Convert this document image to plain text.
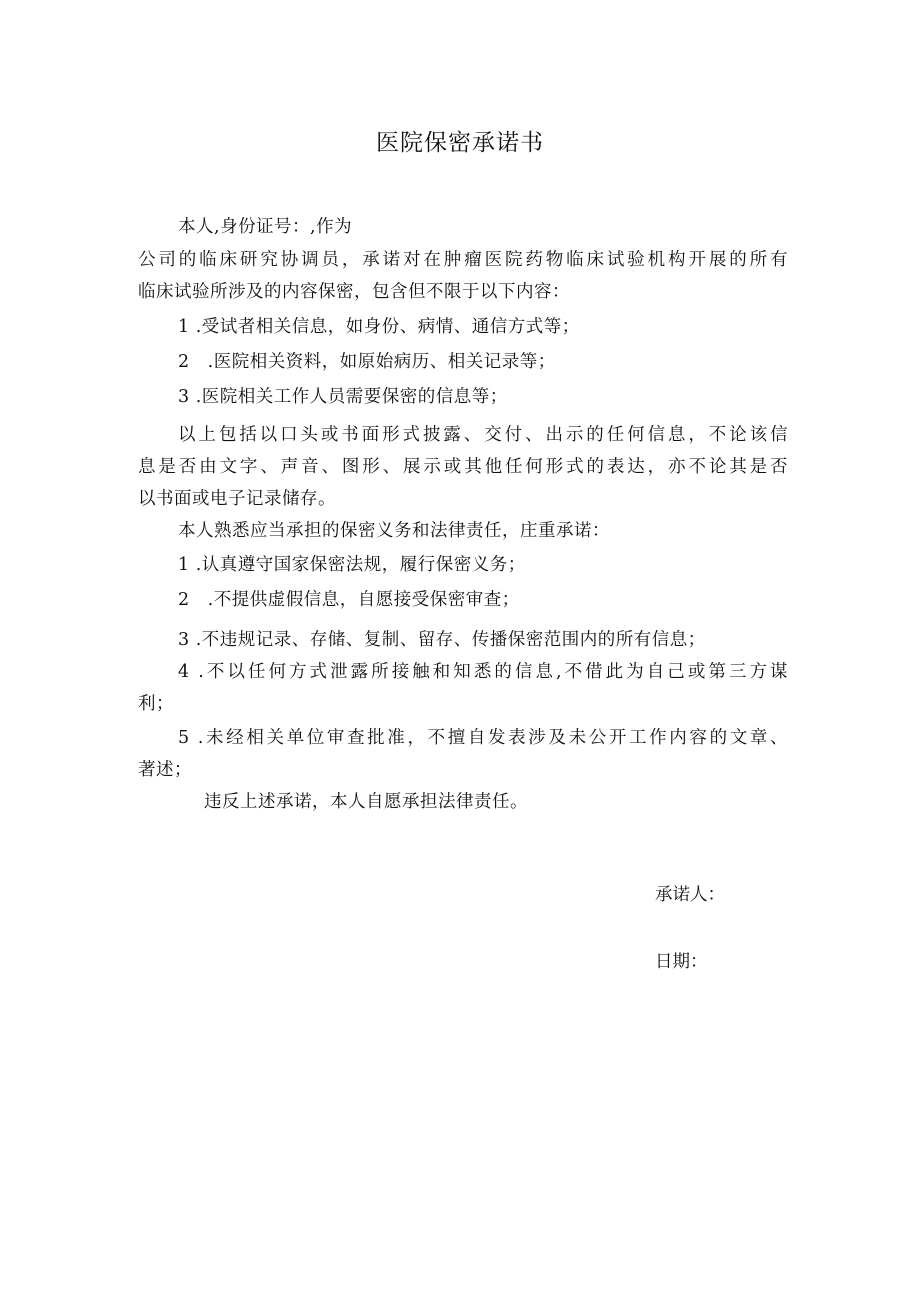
医院保密承诺书
本人,身份证号：,作为
公司的临床研究协调员，承诺对在肿瘤医院药物临床试验机构开展的所有
临床试验所涉及的内容保密，包含但不限于以下内容：
1 .受试者相关信息，如身份、病情、通信方式等；
2　.医院相关资料，如原始病历、相关记录等；
3 .医院相关工作人员需要保密的信息等；
以上包括以口头或书面形式披露、交付、出示的任何信息，不论该信
息是否由文字、声音、图形、展示或其他任何形式的表达，亦不论其是否
以书面或电子记录储存。
本人熟悉应当承担的保密义务和法律责任，庄重承诺：
1 .认真遵守国家保密法规，履行保密义务；
2　.不提供虚假信息，自愿接受保密审查；
3 .不违规记录、存储、复制、留存、传播保密范围内的所有信息；
4 .不以任何方式泄露所接触和知悉的信息,不借此为自己或第三方谋
利；
5 .未经相关单位审查批准，不擅自发表涉及未公开工作内容的文章、
著述；
违反上述承诺，本人自愿承担法律责任。
承诺人：
日期：
